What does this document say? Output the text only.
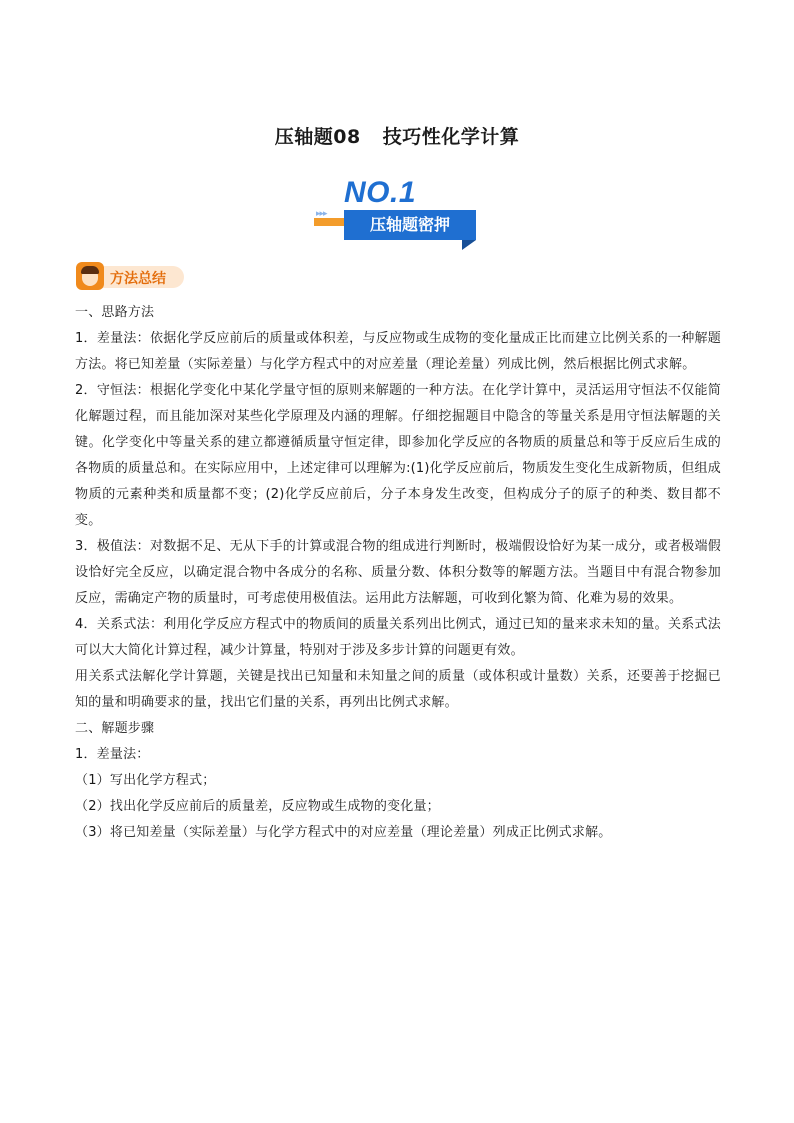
压轴题08 技巧性化学计算
▸▸▸
NO.1
压轴题密押
方法总结

一、思路方法

1．差量法：依据化学反应前后的质量或体积差，与反应物或生成物的变化量成正比而建立比例关系的一种解题方法。将已知差量（实际差量）与化学方程式中的对应差量（理论差量）列成比例，然后根据比例式求解。

2．守恒法：根据化学变化中某化学量守恒的原则来解题的一种方法。在化学计算中，灵活运用守恒法不仅能简化解题过程，而且能加深对某些化学原理及内涵的理解。仔细挖掘题目中隐含的等量关系是用守恒法解题的关键。化学变化中等量关系的建立都遵循质量守恒定律，即参加化学反应的各物质的质量总和等于反应后生成的各物质的质量总和。在实际应用中，上述定律可以理解为:(1)化学反应前后，物质发生变化生成新物质，但组成物质的元素种类和质量都不变；(2)化学反应前后，分子本身发生改变，但构成分子的原子的种类、数目都不变。

3．极值法：对数据不足、无从下手的计算或混合物的组成进行判断时，极端假设恰好为某一成分，或者极端假设恰好完全反应，以确定混合物中各成分的名称、质量分数、体积分数等的解题方法。当题目中有混合物参加反应，需确定产物的质量时，可考虑使用极值法。运用此方法解题，可收到化繁为简、化难为易的效果。

4．关系式法：利用化学反应方程式中的物质间的质量关系列出比例式，通过已知的量来求未知的量。关系式法可以大大简化计算过程，减少计算量，特别对于涉及多步计算的问题更有效。

用关系式法解化学计算题，关键是找出已知量和未知量之间的质量（或体积或计量数）关系，还要善于挖掘已知的量和明确要求的量，找出它们量的关系，再列出比例式求解。

二、解题步骤

1．差量法：

（1）写出化学方程式；

（2）找出化学反应前后的质量差，反应物或生成物的变化量；

（3）将已知差量（实际差量）与化学方程式中的对应差量（理论差量）列成正比例式求解。
